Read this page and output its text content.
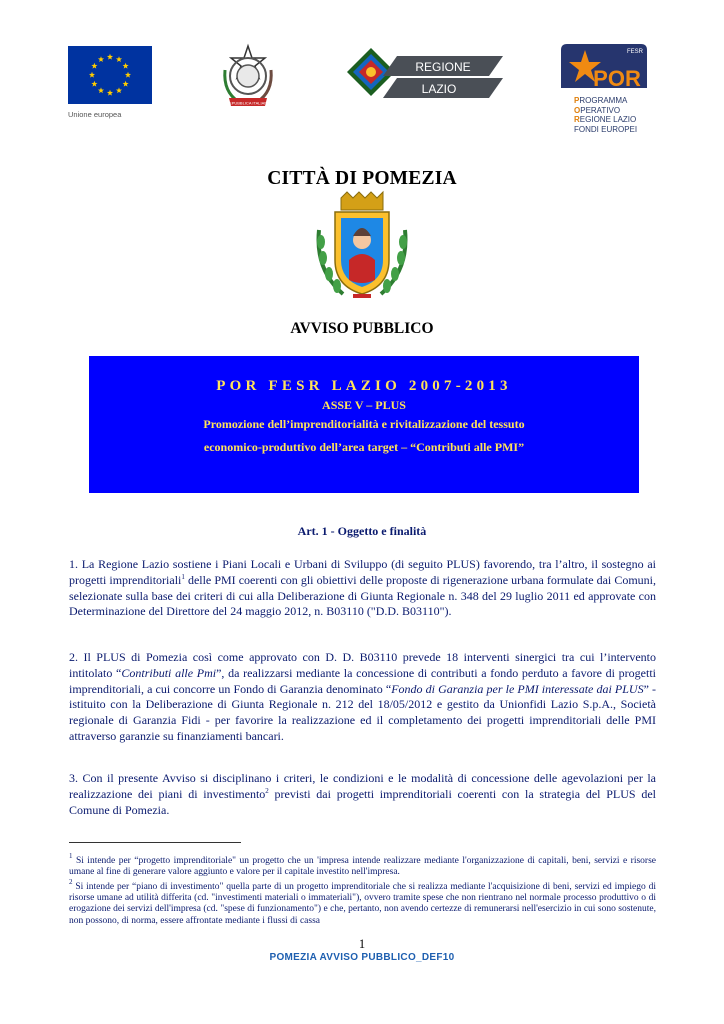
Unione europea
REPUBBLICA ITALIANA
REGIONE
LAZIO
FESR
POR
PROGRAMMA
OPERATIVO
REGIONE LAZIO
FONDI EUROPEI
CITTÀ DI POMEZIA
AVVISO PUBBLICO
POR FESR LAZIO 2007-2013
ASSE V – PLUS
Promozione dell’imprenditorialità e rivitalizzazione del tessuto
economico-produttivo dell’area target – “Contributi alle PMI”
Art. 1 - Oggetto e finalità
1. La Regione Lazio sostiene i Piani Locali e Urbani di Sviluppo (di seguito PLUS) favorendo, tra l’altro, il sostegno ai progetti imprenditoriali$^1$ delle PMI coerenti con gli obiettivi delle proposte di rigenerazione urbana formulate dai Comuni, selezionate sulla base dei criteri di cui alla Deliberazione di Giunta Regionale n. 348 del 29 luglio 2011 ed approvate con Determinazione del Direttore del 24 maggio 2012, n. B03110 ("D.D. B03110").
2. Il PLUS di Pomezia così come approvato con D. D. B03110 prevede 18 interventi sinergici tra cui l’intervento intitolato “Contributi alle Pmi”, da realizzarsi mediante la concessione di contributi a fondo perduto a favore di progetti imprenditoriali, a cui concorre un Fondo di Garanzia denominato “Fondo di Garanzia per le PMI interessate dai PLUS” - istituito con la Deliberazione di Giunta Regionale n. 212 del 18/05/2012 e gestito da Unionfidi Lazio S.p.A., Società regionale di Garanzia Fidi - per favorire la realizzazione ed il completamento dei progetti imprenditoriali delle PMI attraverso garanzie su finanziamenti bancari.
3. Con il presente Avviso si disciplinano i criteri, le condizioni e le modalità di concessione delle agevolazioni per la realizzazione dei piani di investimento$^2$ previsti dai progetti imprenditoriali coerenti con la strategia del PLUS del Comune di Pomezia.
$^1$ Si intende per “progetto imprenditoriale" un progetto che un 'impresa intende realizzare mediante l'organizzazione di capitali, beni, servizi e risorse umane al fine di generare valore aggiunto e valore per il capitale investito nell'impresa.
$^2$ Si intende per “piano di investimento" quella parte di un progetto imprenditoriale che si realizza mediante l'acquisizione di beni, servizi ed impiego di risorse umane ad utilità differita (cd. "investimenti materiali o immateriali"), ovvero tramite spese che non rientrano nel normale processo produttivo o di erogazione dei servizi dell'impresa (cd. "spese di funzionamento") e che, pertanto, non avendo certezze di remunerarsi nell'esercizio in cui sono sostenute, non possono, di norma, essere affrontate mediante i flussi di cassa
1
POMEZIA AVVISO PUBBLICO_DEF10
